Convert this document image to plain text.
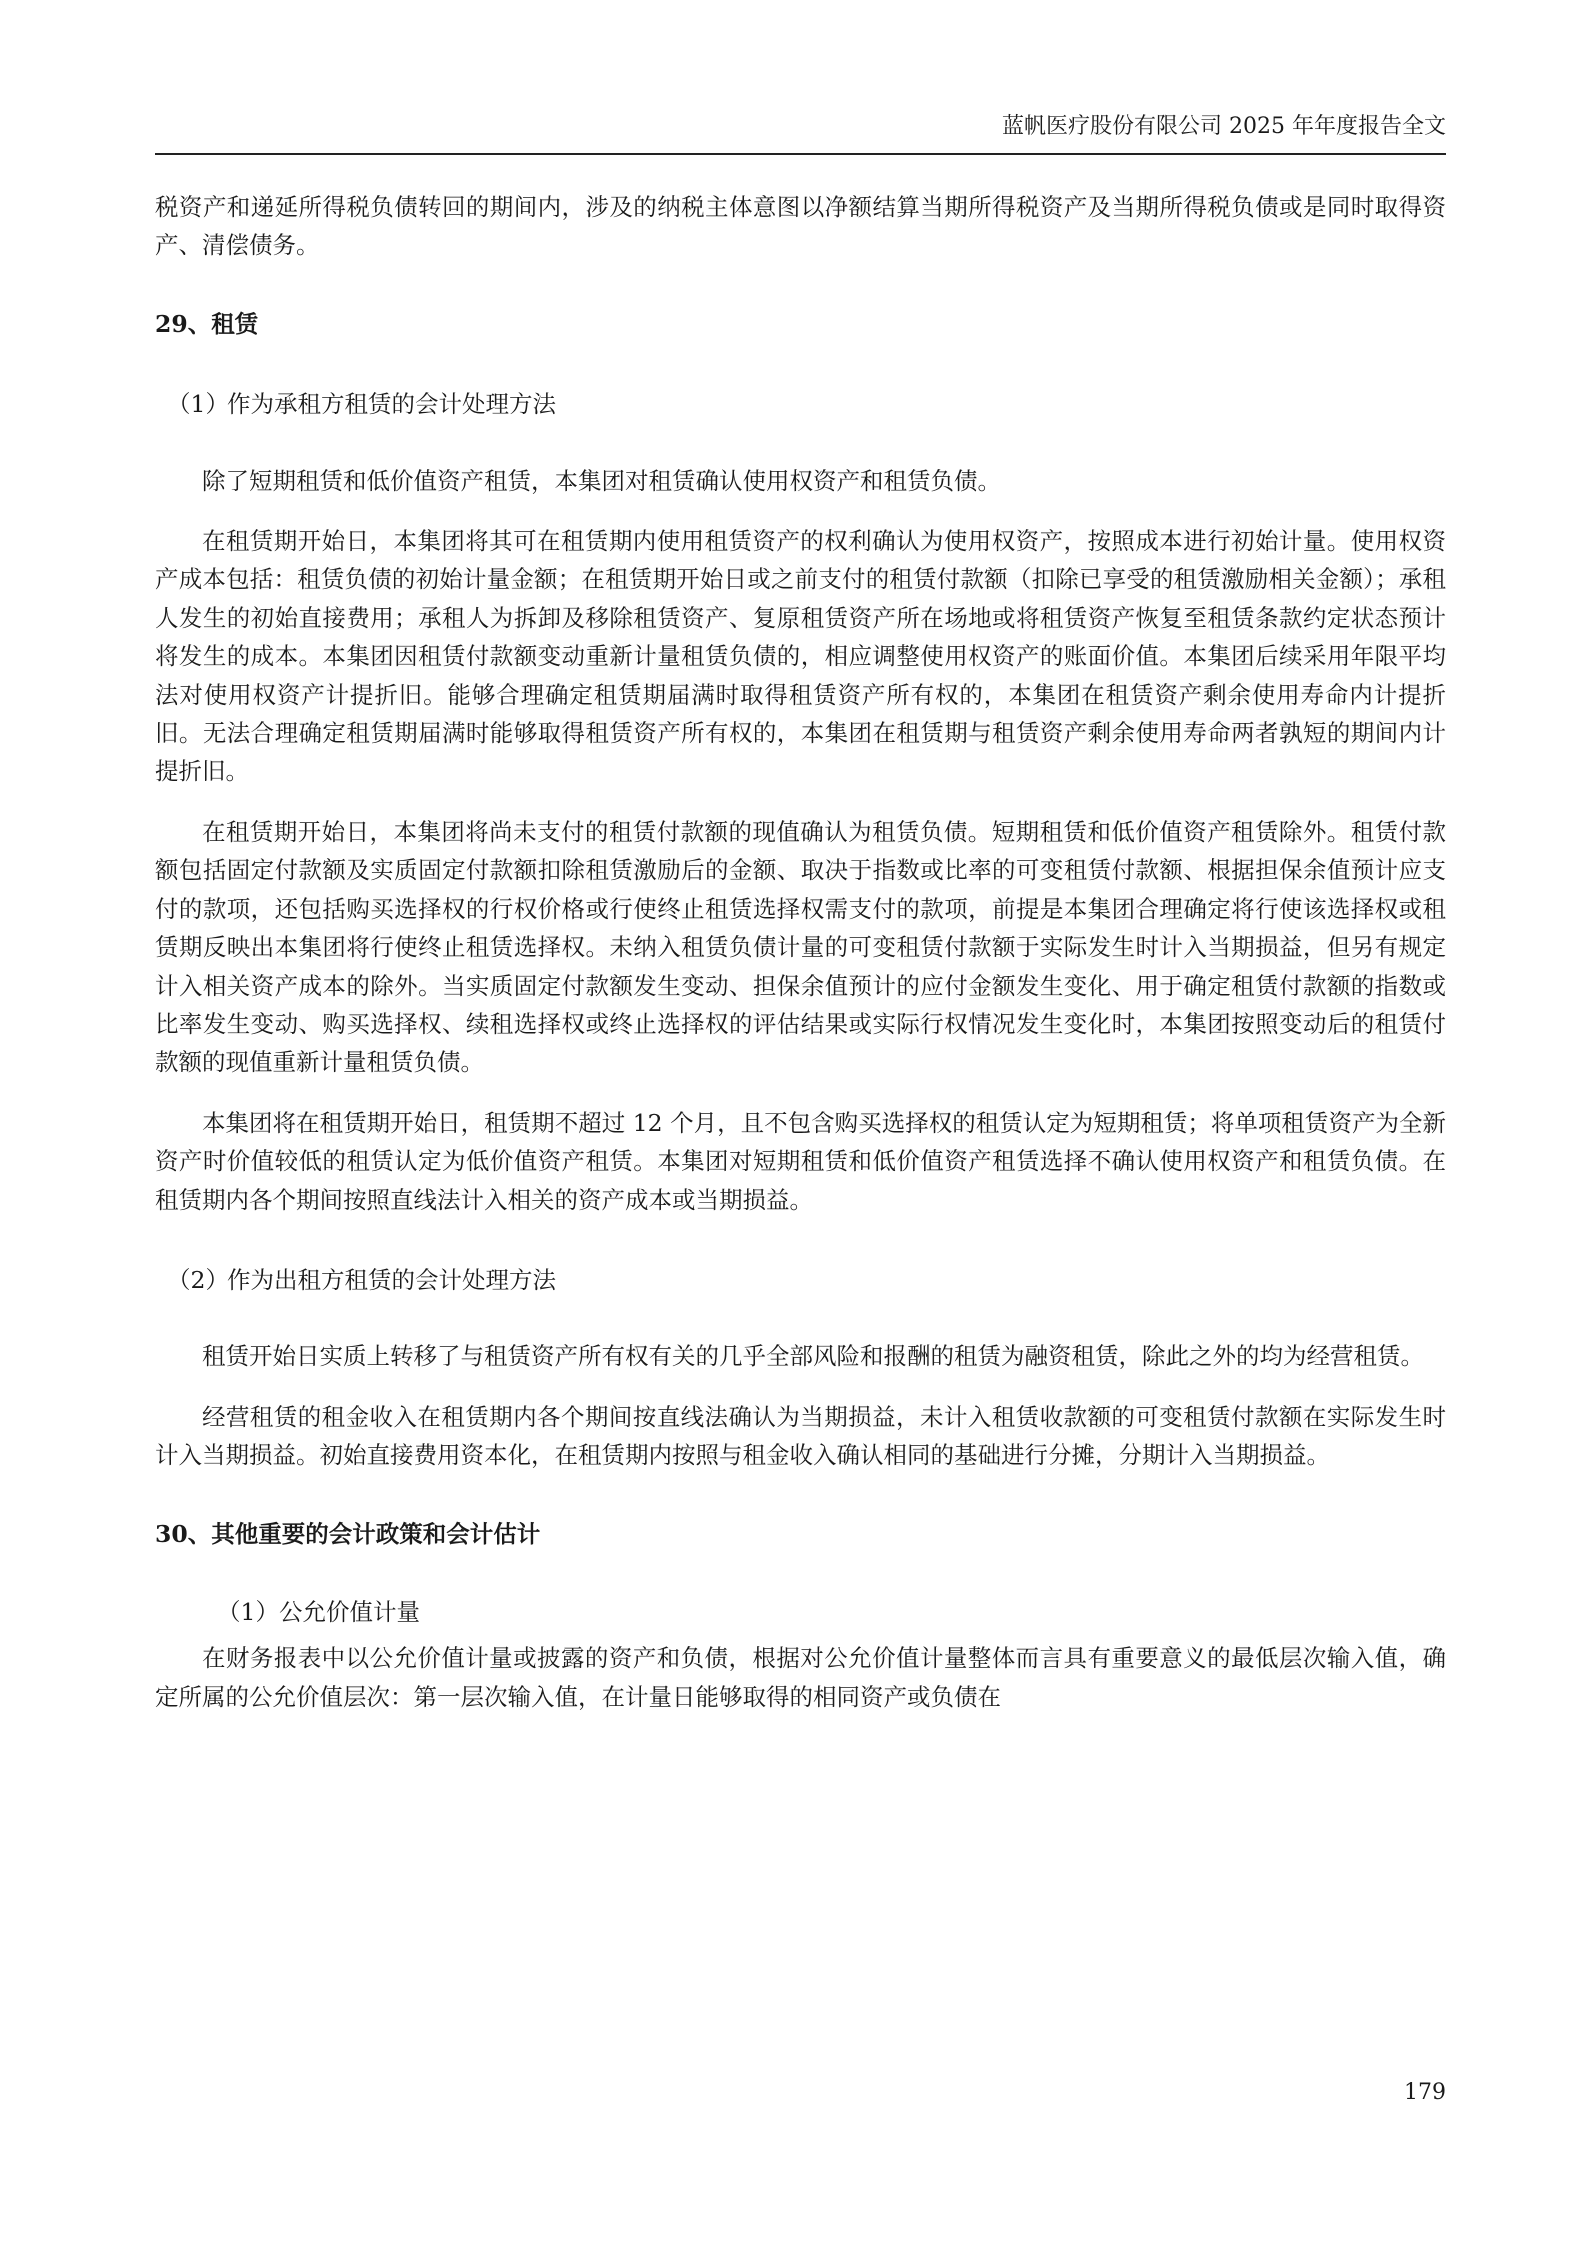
蓝帆医疗股份有限公司 2025 年年度报告全文

税资产和递延所得税负债转回的期间内，涉及的纳税主体意图以净额结算当期所得税资产及当期所得税负债或是同时取得资产、清偿债务。

29、租赁

（1）作为承租方租赁的会计处理方法

除了短期租赁和低价值资产租赁，本集团对租赁确认使用权资产和租赁负债。

在租赁期开始日，本集团将其可在租赁期内使用租赁资产的权利确认为使用权资产，按照成本进行初始计量。使用权资产成本包括：租赁负债的初始计量金额；在租赁期开始日或之前支付的租赁付款额（扣除已享受的租赁激励相关金额）；承租人发生的初始直接费用；承租人为拆卸及移除租赁资产、复原租赁资产所在场地或将租赁资产恢复至租赁条款约定状态预计将发生的成本。本集团因租赁付款额变动重新计量租赁负债的，相应调整使用权资产的账面价值。本集团后续采用年限平均法对使用权资产计提折旧。能够合理确定租赁期届满时取得租赁资产所有权的，本集团在租赁资产剩余使用寿命内计提折旧。无法合理确定租赁期届满时能够取得租赁资产所有权的，本集团在租赁期与租赁资产剩余使用寿命两者孰短的期间内计提折旧。

在租赁期开始日，本集团将尚未支付的租赁付款额的现值确认为租赁负债。短期租赁和低价值资产租赁除外。租赁付款额包括固定付款额及实质固定付款额扣除租赁激励后的金额、取决于指数或比率的可变租赁付款额、根据担保余值预计应支付的款项，还包括购买选择权的行权价格或行使终止租赁选择权需支付的款项，前提是本集团合理确定将行使该选择权或租赁期反映出本集团将行使终止租赁选择权。未纳入租赁负债计量的可变租赁付款额于实际发生时计入当期损益，但另有规定计入相关资产成本的除外。当实质固定付款额发生变动、担保余值预计的应付金额发生变化、用于确定租赁付款额的指数或比率发生变动、购买选择权、续租选择权或终止选择权的评估结果或实际行权情况发生变化时，本集团按照变动后的租赁付款额的现值重新计量租赁负债。

本集团将在租赁期开始日，租赁期不超过 12 个月，且不包含购买选择权的租赁认定为短期租赁；将单项租赁资产为全新资产时价值较低的租赁认定为低价值资产租赁。本集团对短期租赁和低价值资产租赁选择不确认使用权资产和租赁负债。在租赁期内各个期间按照直线法计入相关的资产成本或当期损益。

（2）作为出租方租赁的会计处理方法

租赁开始日实质上转移了与租赁资产所有权有关的几乎全部风险和报酬的租赁为融资租赁，除此之外的均为经营租赁。

经营租赁的租金收入在租赁期内各个期间按直线法确认为当期损益，未计入租赁收款额的可变租赁付款额在实际发生时计入当期损益。初始直接费用资本化，在租赁期内按照与租金收入确认相同的基础进行分摊，分期计入当期损益。

30、其他重要的会计政策和会计估计

（1）公允价值计量

在财务报表中以公允价值计量或披露的资产和负债，根据对公允价值计量整体而言具有重要意义的最低层次输入值，确定所属的公允价值层次：第一层次输入值，在计量日能够取得的相同资产或负债在

179
